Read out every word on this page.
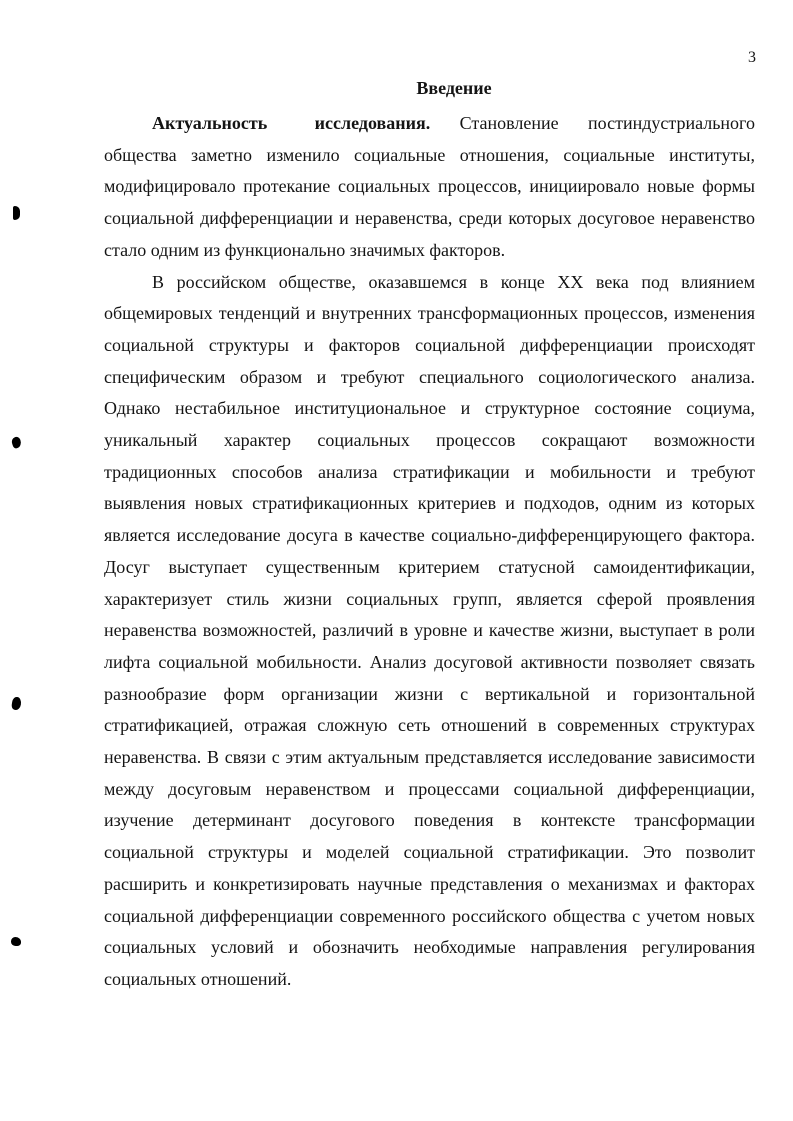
3
Введение

Актуальность исследования. Становление постиндустриального общества заметно изменило социальные отношения, социальные институты, модифицировало протекание социальных процессов, инициировало новые формы социальной дифференциации и неравенства, среди которых досуговое неравенство стало одним из функционально значимых факторов.

В российском обществе, оказавшемся в конце XX века под влиянием общемировых тенденций и внутренних трансформационных процессов, изменения социальной структуры и факторов социальной дифференциации происходят специфическим образом и требуют специального социологического анализа. Однако нестабильное институциональное и структурное состояние социума, уникальный характер социальных процессов сокращают возможности традиционных способов анализа стратификации и мобильности и требуют выявления новых стратификационных критериев и подходов, одним из которых является исследование досуга в качестве социально-дифференцирующего фактора. Досуг выступает существенным критерием статусной самоидентификации, характеризует стиль жизни социальных групп, является сферой проявления неравенства возможностей, различий в уровне и качестве жизни, выступает в роли лифта социальной мобильности. Анализ досуговой активности позволяет связать разнообразие форм организации жизни с вертикальной и горизонтальной стратификацией, отражая сложную сеть отношений в современных структурах неравенства. В связи с этим актуальным представляется исследование зависимости между досуговым неравенством и процессами социальной дифференциации, изучение детерминант досугового поведения в контексте трансформации социальной структуры и моделей социальной стратификации. Это позволит расширить и конкретизировать научные представления о механизмах и факторах социальной дифференциации современного российского общества с учетом новых социальных условий и обозначить необходимые направления регулирования социальных отношений.
